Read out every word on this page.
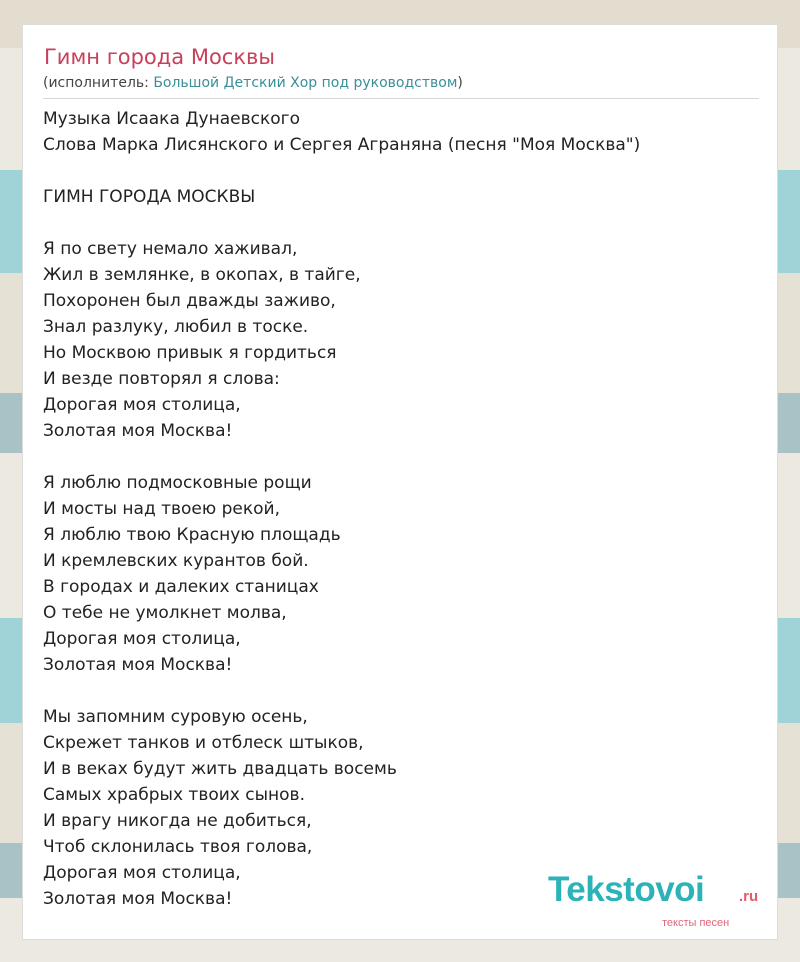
Гимн города Москвы
(исполнитель: Большой Детский Хор под руководством)
Музыка Исаака Дунаевского
Слова Марка Лисянского и Сергея Агранянa (песня "Моя Москва")

ГИМН ГОРОДА МОСКВЫ

Я по свету немало хаживал,
Жил в землянке, в окопах, в тайге,
Похоронен был дважды заживо,
Знал разлуку, любил в тоске.
Но Москвою привык я гордиться
И везде повторял я слова:
Дорогая моя столица,
Золотая моя Москва!

Я люблю подмосковные рощи
И мосты над твоею рекой,
Я люблю твою Красную площадь
И кремлевских курантов бой.
В городах и далеких станицах
О тебе не умолкнет молва,
Дорогая моя столица,
Золотая моя Москва!

Мы запомним суровую осень,
Скрежет танков и отблеск штыков,
И в веках будут жить двадцать восемь
Самых храбрых твоих сынов.
И врагу никогда не добиться,
Чтоб склонилась твоя голова,
Дорогая моя столица,
Золотая моя Москва!	Tekstovoi .ru
тексты песен
